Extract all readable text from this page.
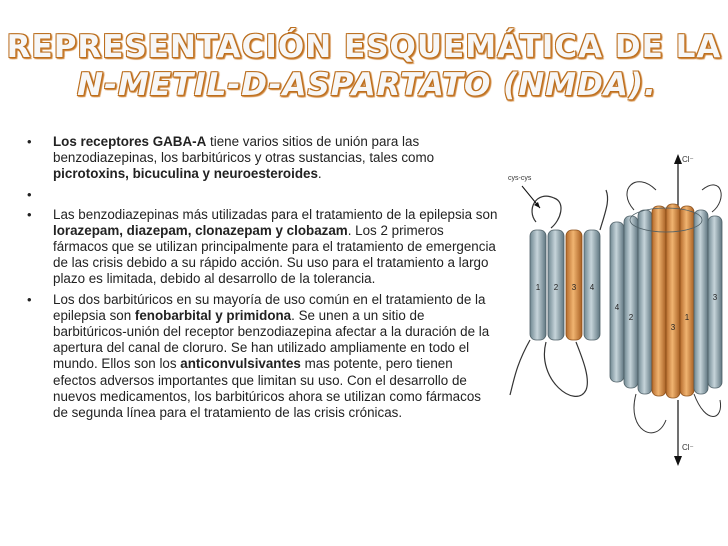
REPRESENTACIÓN ESQUEMÁTICA DE LA
N-METIL-D-ASPARTATO (NMDA).
• Los receptores GABA-A tiene varios sitios de unión para las benzodiazepinas, los barbitúricos y otras sustancias, tales como picrotoxins, bicuculina y neuroesteroides.
•
• Las benzodiazepinas más utilizadas para el tratamiento de la epilepsia son lorazepam, diazepam, clonazepam y clobazam. Los 2 primeros fármacos que se utilizan principalmente para el tratamiento de emergencia de las crisis debido a su rápido acción. Su uso para el tratamiento a largo plazo es limitada, debido al desarrollo de la tolerancia.
• Los dos barbitúricos en su mayoría de uso común en el tratamiento de la epilepsia son fenobarbital y primidona. Se unen a un sitio de barbitúricos-unión del receptor benzodiazepina afectar a la duración de la apertura del canal de cloruro. Se han utilizado ampliamente en todo el mundo. Ellos son los anticonvulsivantes mas potente, pero tienen efectos adversos importantes que limitan su uso. Con el desarrollo de nuevos medicamentos, los barbitúricos ahora se utilizan como fármacos de segunda línea para el tratamiento de las crisis crónicas.
1 2 3 4
cys-cys
Cl⁻
4
2
3
1
3
Cl⁻
